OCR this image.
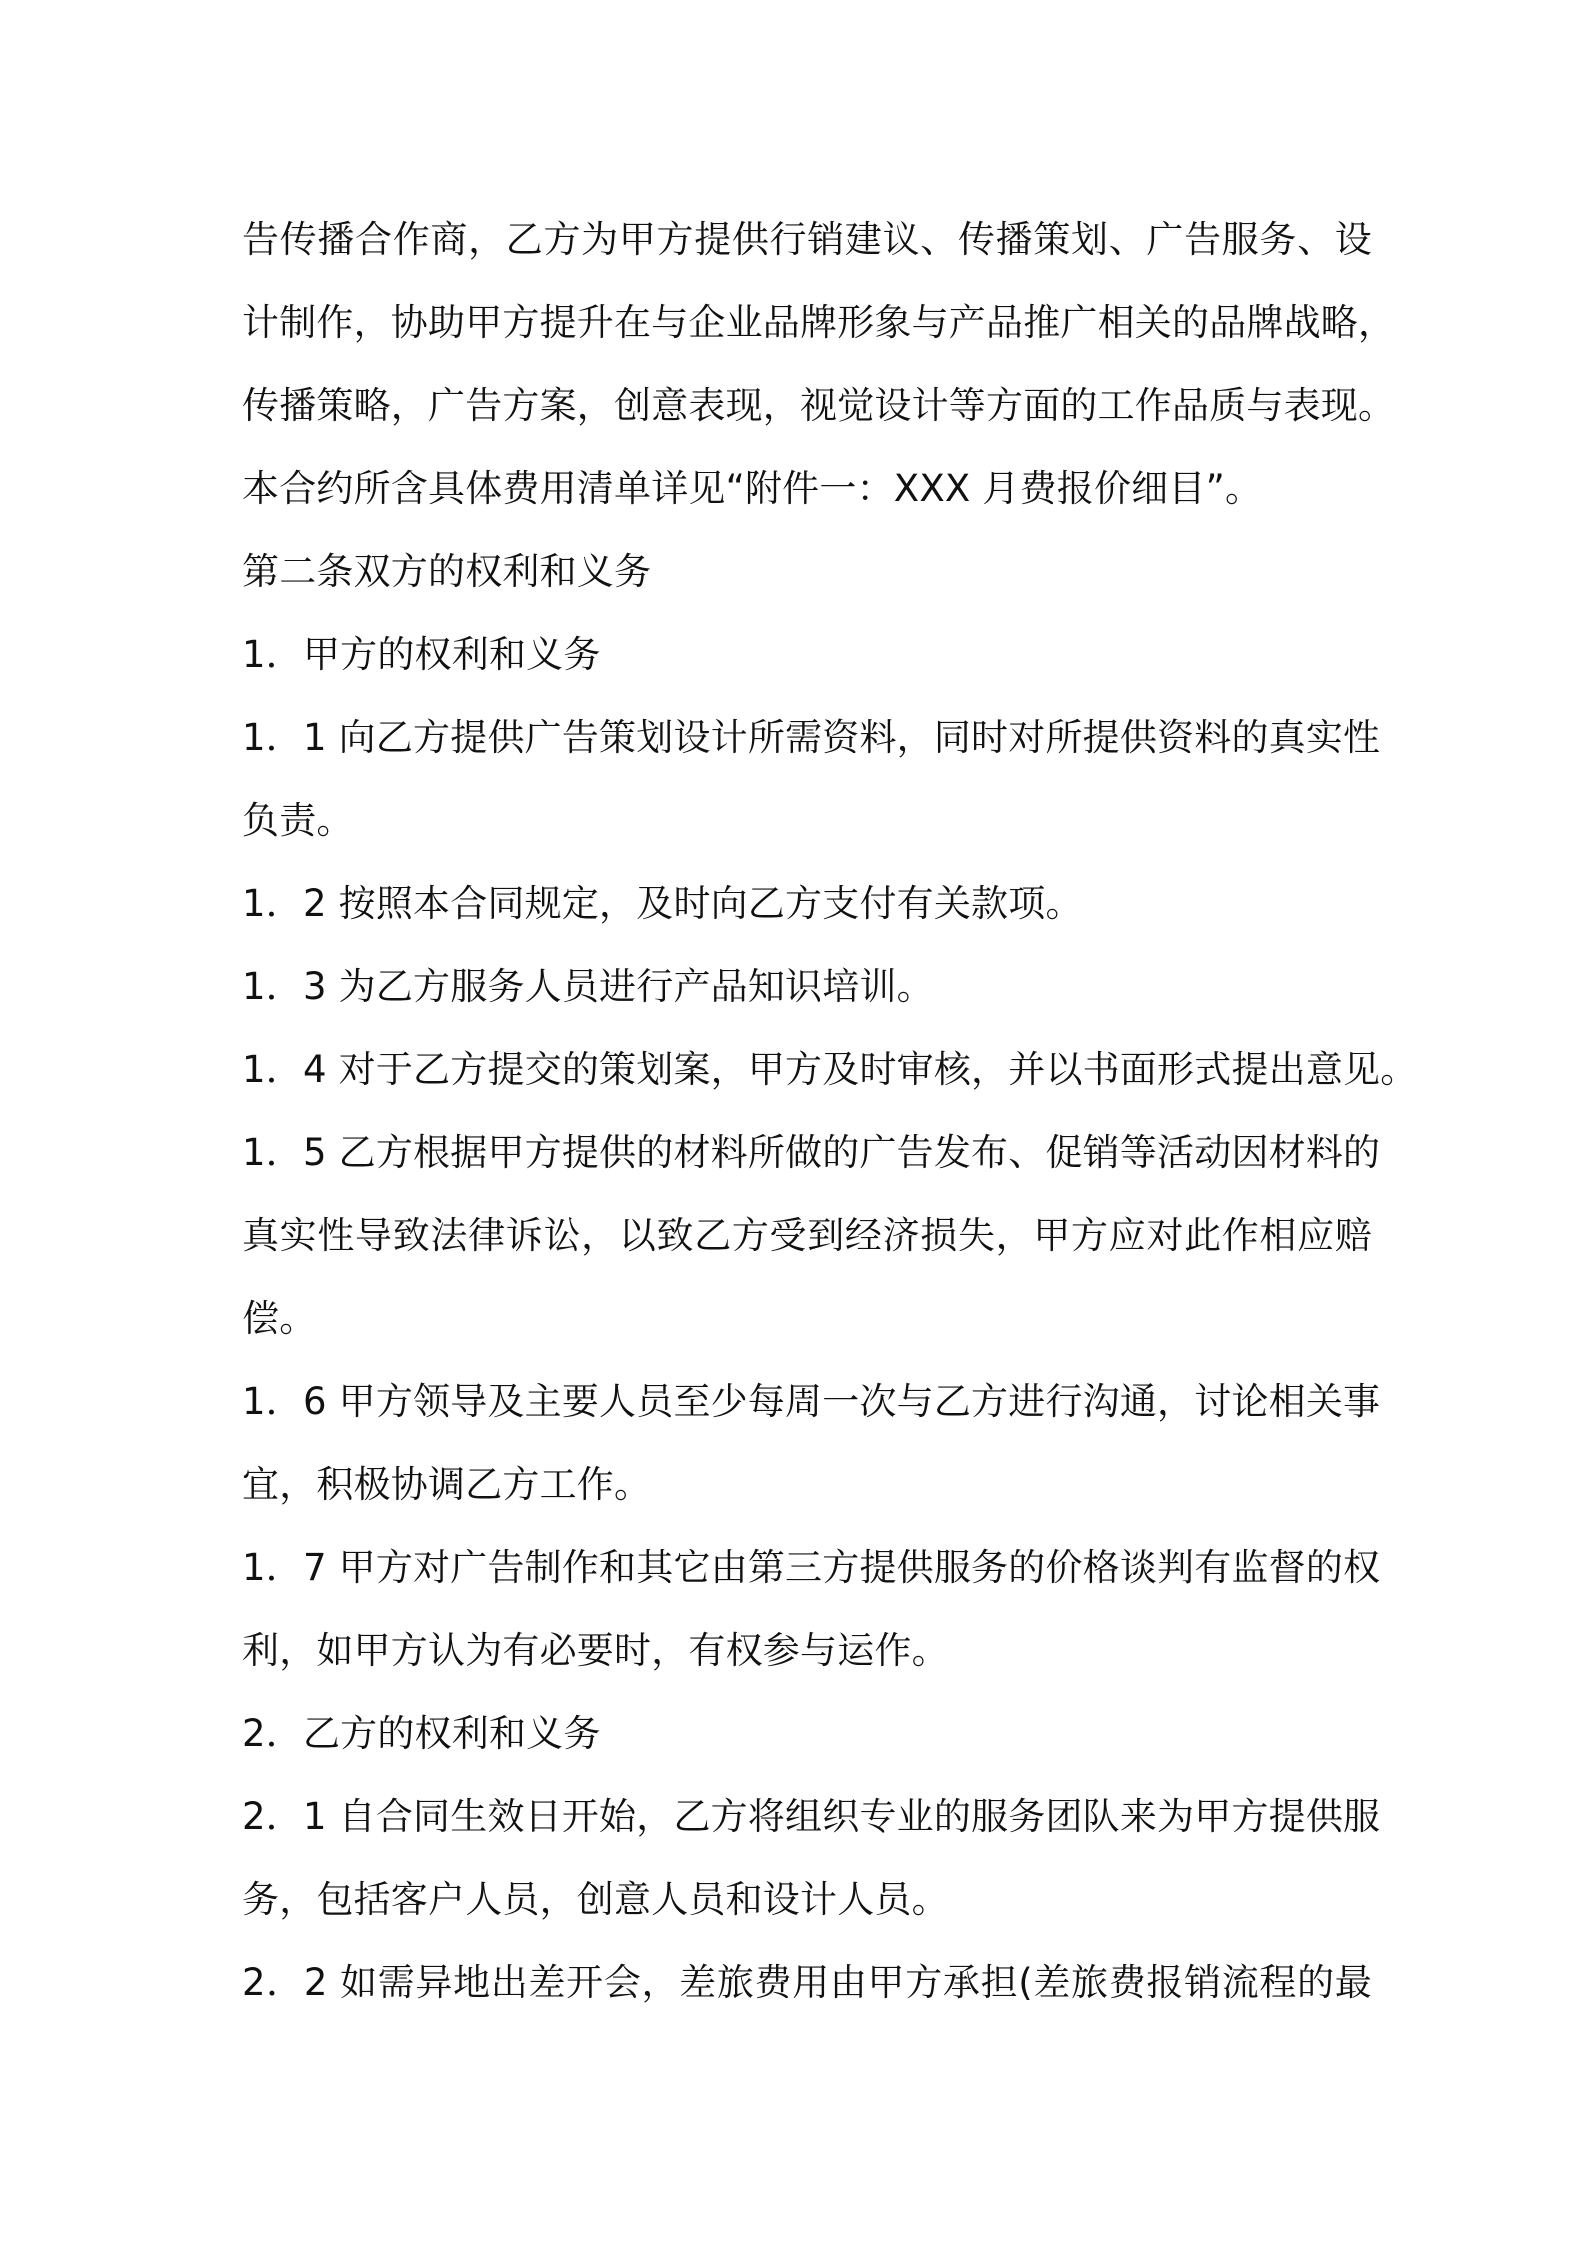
告传播合作商，乙方为甲方提供行销建议、传播策划、广告服务、设
计制作，协助甲方提升在与企业品牌形象与产品推广相关的品牌战略，
传播策略，广告方案，创意表现，视觉设计等方面的工作品质与表现。
本合约所含具体费用清单详见“附件一：XXX 月费报价细目”。
第二条双方的权利和义务
1．甲方的权利和义务
1．1 向乙方提供广告策划设计所需资料，同时对所提供资料的真实性
负责。
1．2 按照本合同规定，及时向乙方支付有关款项。
1．3 为乙方服务人员进行产品知识培训。
1．4 对于乙方提交的策划案，甲方及时审核，并以书面形式提出意见。
1．5 乙方根据甲方提供的材料所做的广告发布、促销等活动因材料的
真实性导致法律诉讼，以致乙方受到经济损失，甲方应对此作相应赔
偿。
1．6 甲方领导及主要人员至少每周一次与乙方进行沟通，讨论相关事
宜，积极协调乙方工作。
1．7 甲方对广告制作和其它由第三方提供服务的价格谈判有监督的权
利，如甲方认为有必要时，有权参与运作。
2．乙方的权利和义务
2．1 自合同生效日开始，乙方将组织专业的服务团队来为甲方提供服
务，包括客户人员，创意人员和设计人员。
2．2 如需异地出差开会，差旅费用由甲方承担(差旅费报销流程的最
